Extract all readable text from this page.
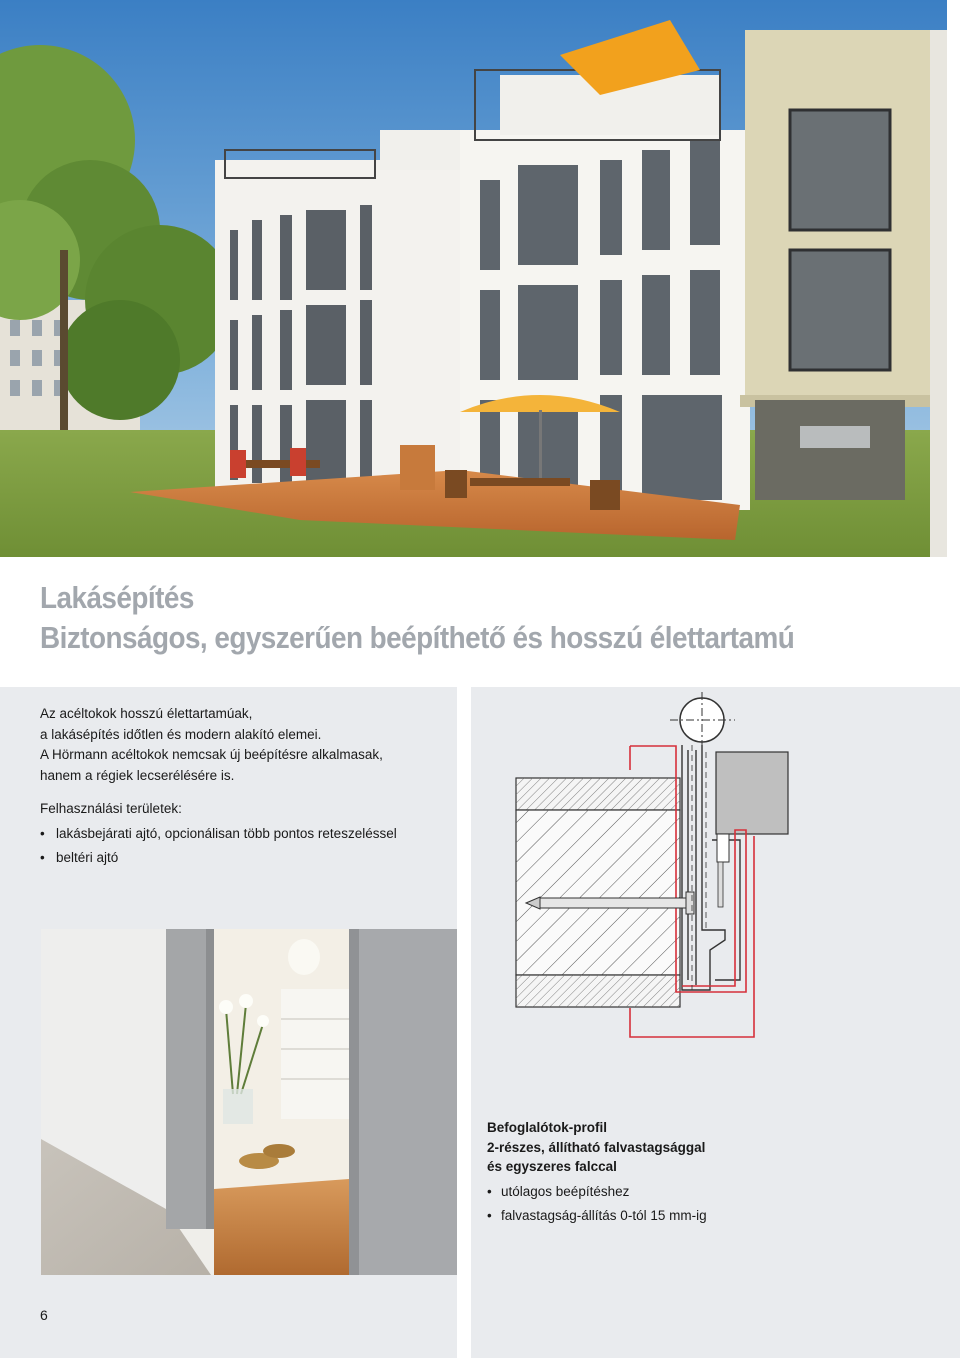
Lakásépítés
Biztonságos, egyszerűen beépíthető és hosszú élettartamú

Az acéltokok hosszú élettartamúak,

a lakásépítés időtlen és modern alakító elemei.

A Hörmann acéltokok nemcsak új beépítésre alkalmasak,

hanem a régiek lecserélésére is.

Felhasználási területek:
• lakásbejárati ajtó, opcionálisan több pontos reteszeléssel
• beltéri ajtó
Befoglalótok-profil
2-részes, állítható falvastagsággal
és egyszeres falccal
• utólagos beépítéshez
• falvastagság-állítás 0-tól 15 mm-ig
6
